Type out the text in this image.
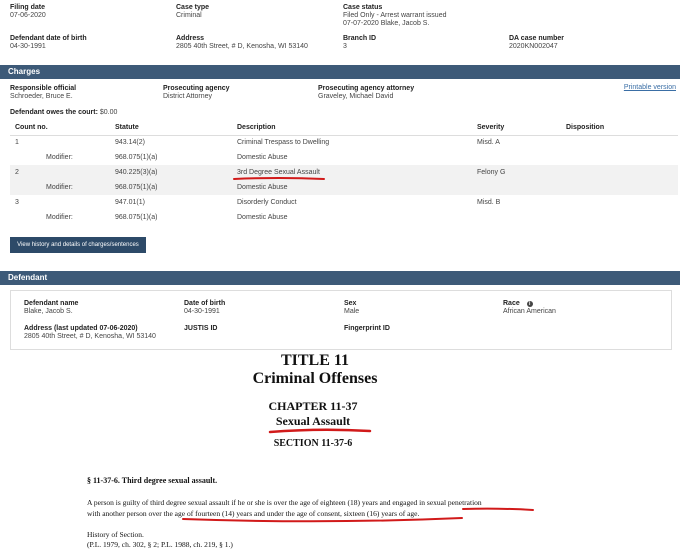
Filing date
07-06-2020
Case type
Criminal
Case status
Filed Only - Arrest warrant issued
07-07-2020 Blake, Jacob S.
Defendant date of birth
04-30-1991
Address
2805 40th Street, # D, Kenosha, WI 53140
Branch ID
3
DA case number
2020KN002047
Charges
Responsible official
Schroeder, Bruce E.
Prosecuting agency
District Attorney
Prosecuting agency attorney
Graveley, Michael David
Printable version
Defendant owes the court: $0.00
Count no.	Statute	Description	Severity	Disposition
1	943.14(2)	Criminal Trespass to Dwelling	Misd. A	
Modifier:	968.075(1)(a)	Domestic Abuse		
2	940.225(3)(a)	3rd Degree Sexual Assault	Felony G	
Modifier:	968.075(1)(a)	Domestic Abuse		
3	947.01(1)	Disorderly Conduct	Misd. B	
Modifier:	968.075(1)(a)	Domestic Abuse		
View history and details of charges/sentences
Defendant
Defendant name
Blake, Jacob S.
Date of birth
04-30-1991
Sex
Male
Race i
African American
Address (last updated 07-06-2020)
2805 40th Street, # D, Kenosha, WI 53140
JUSTIS ID	Fingerprint ID
TITLE 11
Criminal Offenses
CHAPTER 11-37
Sexual Assault
SECTION 11-37-6
§ 11-37-6. Third degree sexual assault.
A person is guilty of third degree sexual assault if he or she is over the age of eighteen (18) years and engaged in sexual penetration
with another person over the age of fourteen (14) years and under the age of consent, sixteen (16) years of age.
History of Section.
(P.L. 1979, ch. 302, § 2; P.L. 1988, ch. 219, § 1.)
